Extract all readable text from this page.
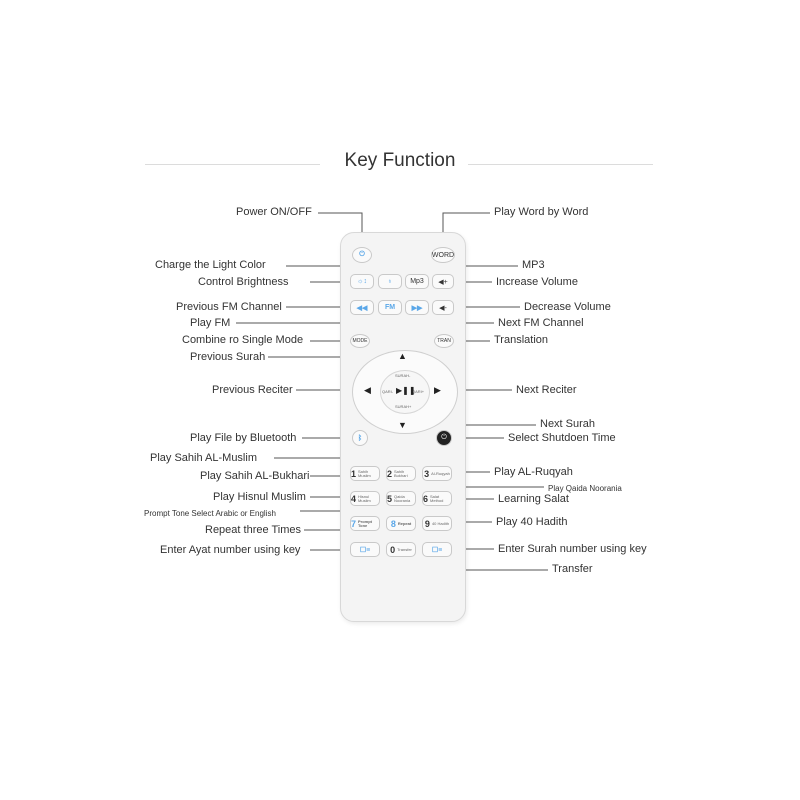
Key Function
⏻	WORD
☼↕	♁	Mp3 ◀+
◀◀	FM ▶▶ ◀-
MODE	TRAN
▲
▼
◀	▶
SURAH-
SURAH+
QARI-	QARI+
▶❚❚
ᛒ	⏻
1 Sahih Muslim	2 Sahih Bukhari	3 Al-Ruqyah
4 Hisnul Muslim	5 Qaida Noorania	6 Salat Method
7 Prompt Tone	8 Repeat 9 40 Hadith
☐≡ 0 Transfer	☐≡
Power ON/OFF
Charge the Light Color
Control Brightness
Previous FM Channel
Play FM
Combine ro Single Mode
Previous Surah
Previous Reciter
Play File by Bluetooth
Play Sahih AL-Muslim
Play Sahih AL-Bukhari
Play Hisnul Muslim
Prompt Tone Select Arabic or English
Repeat three Times
Enter Ayat number using key
Play Word by Word
MP3
Increase Volume
Decrease Volume
Next FM Channel
Translation
Next Reciter
Next Surah
Select Shutdoen Time
Play AL-Ruqyah
Play Qaida Noorania
Learning Salat
Play 40 Hadith
Enter Surah number using key
Transfer
